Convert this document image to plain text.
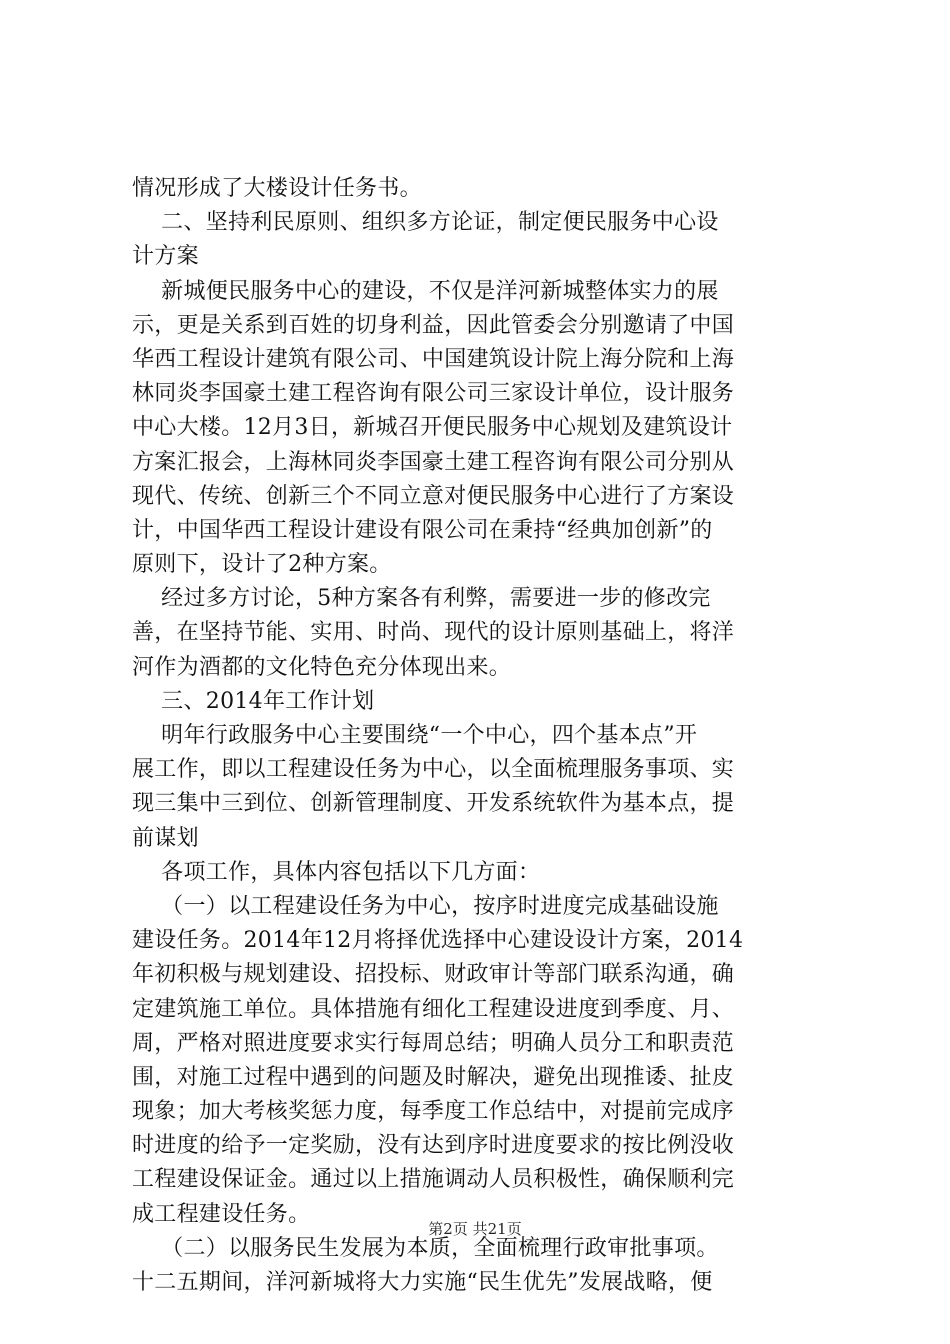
情况形成了大楼设计任务书。
二、坚持利民原则、组织多方论证，制定便民服务中心设
计方案
新城便民服务中心的建设，不仅是洋河新城整体实力的展
示，更是关系到百姓的切身利益，因此管委会分别邀请了中国
华西工程设计建筑有限公司、中国建筑设计院上海分院和上海
林同炎李国豪土建工程咨询有限公司三家设计单位，设计服务
中心大楼。12月3日，新城召开便民服务中心规划及建筑设计
方案汇报会，上海林同炎李国豪土建工程咨询有限公司分别从
现代、传统、创新三个不同立意对便民服务中心进行了方案设
计，中国华西工程设计建设有限公司在秉持“经典加创新”的
原则下，设计了2种方案。
经过多方讨论，5种方案各有利弊，需要进一步的修改完
善，在坚持节能、实用、时尚、现代的设计原则基础上，将洋
河作为酒都的文化特色充分体现出来。
三、2014年工作计划
明年行政服务中心主要围绕“一个中心，四个基本点”开
展工作，即以工程建设任务为中心，以全面梳理服务事项、实
现三集中三到位、创新管理制度、开发系统软件为基本点，提
前谋划
各项工作，具体内容包括以下几方面：
（一）以工程建设任务为中心，按序时进度完成基础设施
建设任务。2014年12月将择优选择中心建设设计方案，2014
年初积极与规划建设、招投标、财政审计等部门联系沟通，确
定建筑施工单位。具体措施有细化工程建设进度到季度、月、
周，严格对照进度要求实行每周总结；明确人员分工和职责范
围，对施工过程中遇到的问题及时解决，避免出现推诿、扯皮
现象；加大考核奖惩力度，每季度工作总结中，对提前完成序
时进度的给予一定奖励，没有达到序时进度要求的按比例没收
工程建设保证金。通过以上措施调动人员积极性，确保顺利完
成工程建设任务。
（二）以服务民生发展为本质，全面梳理行政审批事项。
十二五期间，洋河新城将大力实施“民生优先”发展战略，便
第2页 共21页
